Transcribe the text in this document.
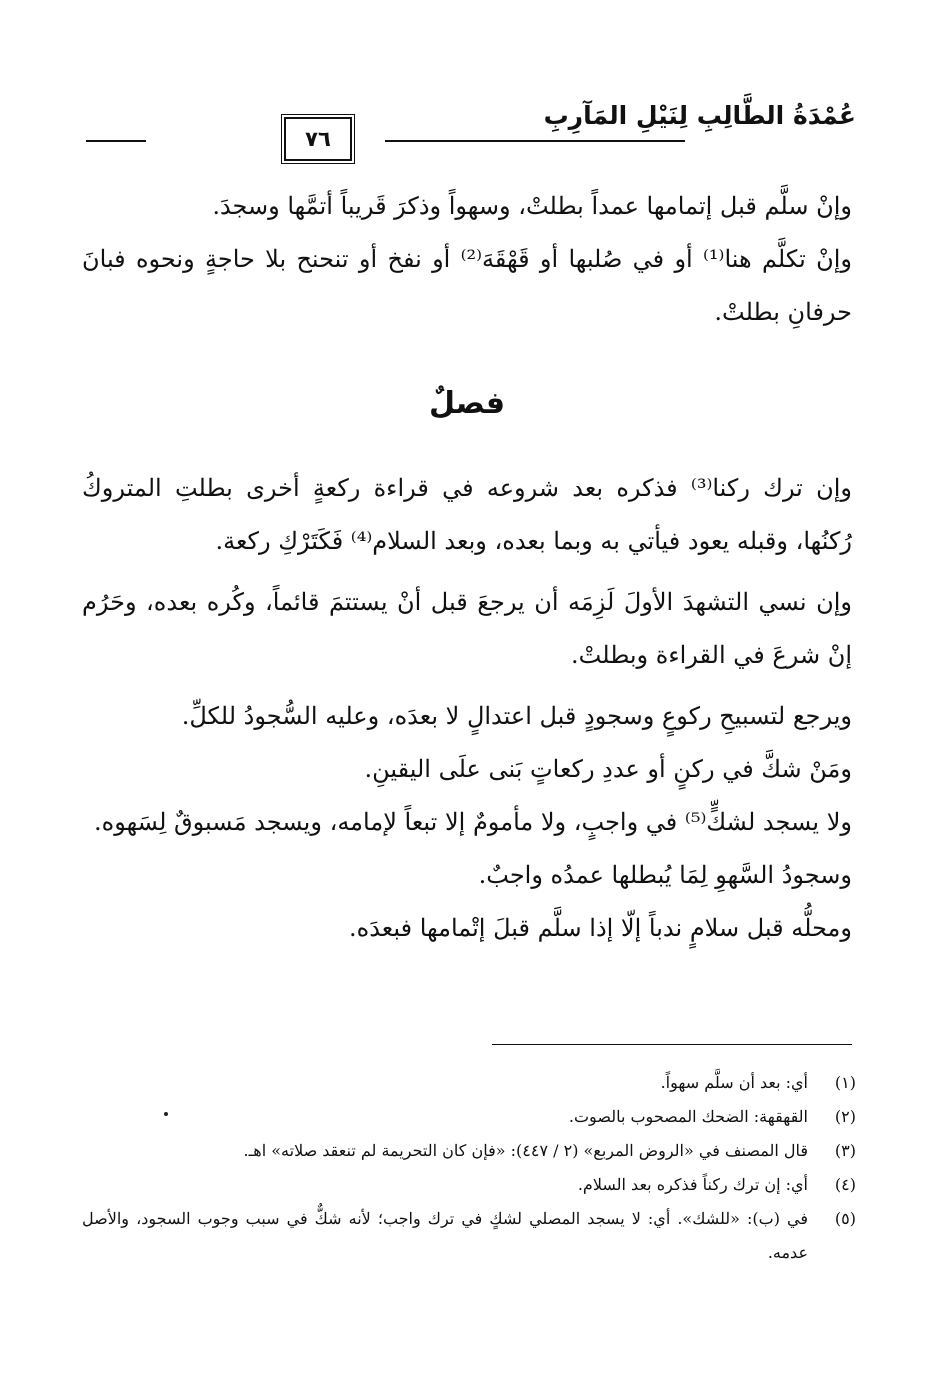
عُمْدَةُ الطَّالِبِ لِنَيْلِ المَآرِبِ
٧٦

وإنْ سلَّم قبل إتمامها عمداً بطلتْ، وسهواً وذكرَ قَريباً أتمَّها وسجدَ.

وإنْ تكلَّم هنا⁽¹⁾ أو في صُلبها أو قَهْقَهَ⁽²⁾ أو نفخ أو تنحنح بلا حاجةٍ ونحوه فبانَ حرفانِ بطلتْ.

فصلٌ

وإن ترك ركنا⁽³⁾ فذكره بعد شروعه في قراءة ركعةٍ أخرى بطلتِ المتروكُ رُكنُها، وقبله يعود فيأتي به وبما بعده، وبعد السلام⁽⁴⁾ فَكَتَرْكِ ركعة.

وإن نسي التشهدَ الأولَ لَزِمَه أن يرجعَ قبل أنْ يستتمَ قائماً، وكُره بعده، وحَرُم إنْ شرعَ في القراءة وبطلتْ.

ويرجع لتسبيحِ ركوعٍ وسجودٍ قبل اعتدالٍ لا بعدَه، وعليه السُّجودُ للكلِّ.

ومَنْ شكَّ في ركنٍ أو عددِ ركعاتٍ بَنى علَى اليقينِ.

ولا يسجد لشكٍّ⁽⁵⁾ في واجبٍ، ولا مأمومٌ إلا تبعاً لإمامه، ويسجد مَسبوقٌ لِسَهوه.

وسجودُ السَّهوِ لِمَا يُبطلها عمدُه واجبٌ.

ومحلُّه قبل سلامٍ ندباً إلّا إذا سلَّم قبلَ إتْمامها فبعدَه.

(١)
أي: بعد أن سلَّم سهواً.
(٢)
القهقهة: الضحك المصحوب بالصوت.
(٣)
قال المصنف في «الروض المربع» (٢ / ٤٤٧): «فإن كان التحريمة لم تنعقد صلاته» اهـ.
(٤)
أي: إن ترك ركناً فذكره بعد السلام.
(٥)
في (ب): «للشك». أي: لا يسجد المصلي لشكٍ في ترك واجب؛ لأنه شكٌّ في سبب وجوب السجود، والأصل عدمه.
